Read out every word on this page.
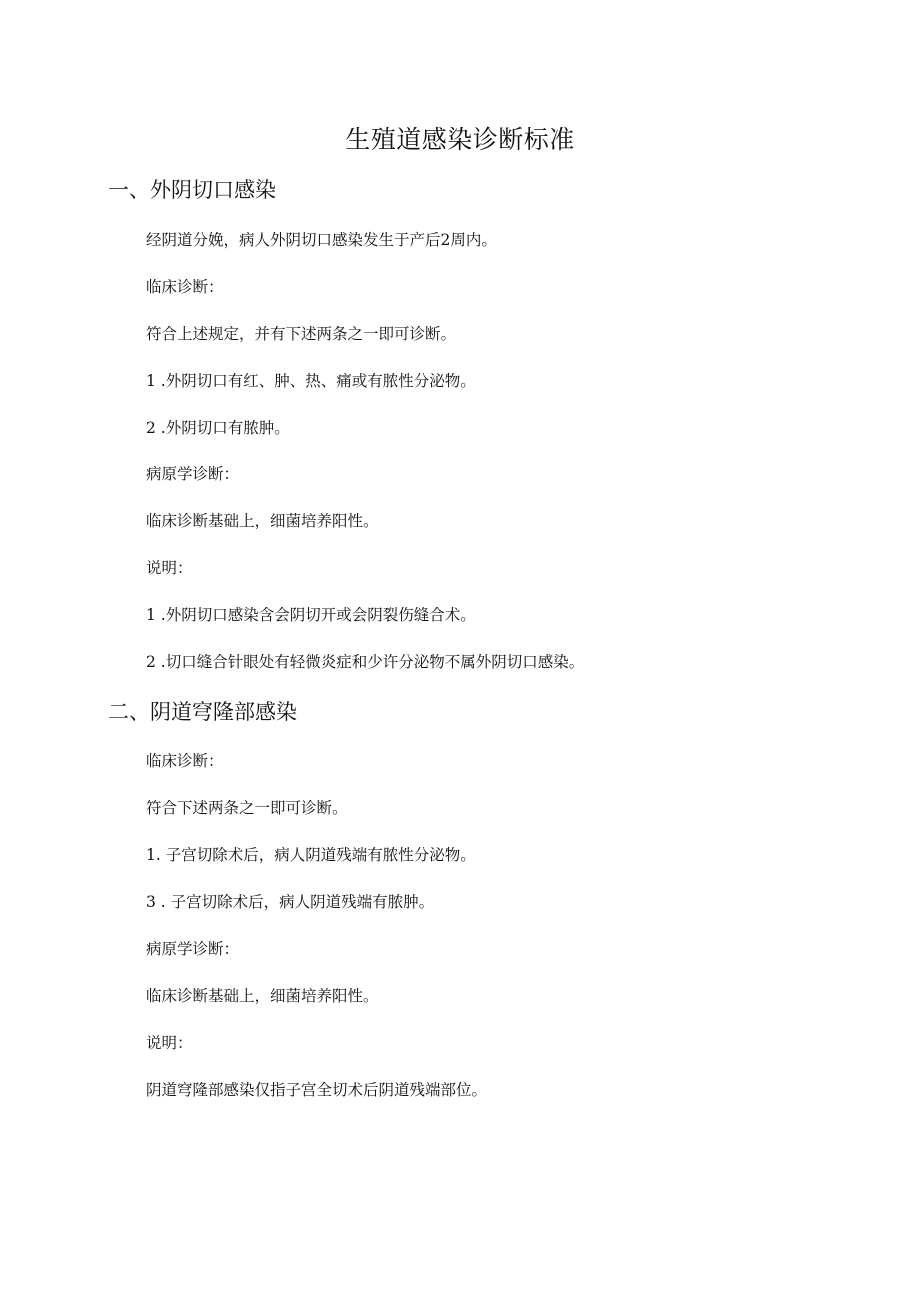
生殖道感染诊断标准
一、外阴切口感染
经阴道分娩，病人外阴切口感染发生于产后2周内。
临床诊断：
符合上述规定，并有下述两条之一即可诊断。
1 .外阴切口有红、肿、热、痛或有脓性分泌物。
2 .外阴切口有脓肿。
病原学诊断：
临床诊断基础上，细菌培养阳性。
说明：
1 .外阴切口感染含会阴切开或会阴裂伤缝合术。
2 .切口缝合针眼处有轻微炎症和少许分泌物不属外阴切口感染。
二、阴道穹隆部感染
临床诊断：
符合下述两条之一即可诊断。
1. 子宫切除术后，病人阴道残端有脓性分泌物。
3 . 子宫切除术后，病人阴道残端有脓肿。
病原学诊断：
临床诊断基础上，细菌培养阳性。
说明：
阴道穹隆部感染仅指子宫全切术后阴道残端部位。
